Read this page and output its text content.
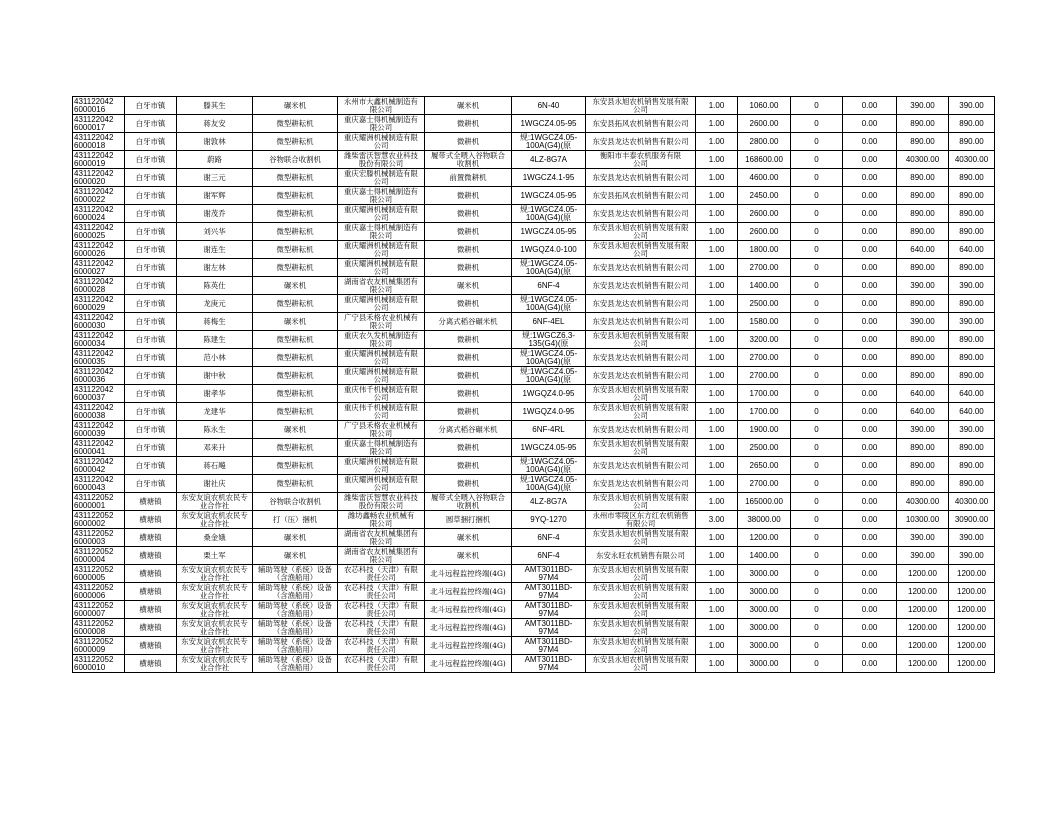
431122042
6000016	白牙市镇	滕其生	碾米机	永州市大鑫机械制造有
限公司	碾米机	6N-40	东安县永旭农机销售发展有限
公司	1.00	1060.00	0	0.00	390.00	390.00
431122042
6000017	白牙市镇	蒋友安	微型耕耘机	重庆嘉士得机械制造有
限公司	微耕机	1WGCZ4.05-95	东安县拓风农机销售有限公司	1.00	2600.00	0	0.00	890.00	890.00
431122042
6000018	白牙市镇	谢敦林	微型耕耘机	重庆耀洲机械制造有限
公司	微耕机	规:1WGCZ4.05-
100A(G4)(原	东安县龙达农机销售有限公司	1.00	2800.00	0	0.00	890.00	890.00
431122042
6000019	白牙市镇	蔚路	谷物联合收割机	潍柴雷沃智慧农业科技
股份有限公司	履带式全喂入谷物联合
收割机	4LZ-8G7A	衡阳市丰泰农机服务有限
公司	1.00	168600.00	0	0.00	40300.00	40300.00
431122042
6000020	白牙市镇	谢三元	微型耕耘机	重庆宏滕机械制造有限
公司	前置微耕机	1WGCZ4.1-95	东安县龙达农机销售有限公司	1.00	4600.00	0	0.00	890.00	890.00
431122042
6000022	白牙市镇	谢军辉	微型耕耘机	重庆嘉士得机械制造有
限公司	微耕机	1WGCZ4.05-95	东安县拓风农机销售有限公司	1.00	2450.00	0	0.00	890.00	890.00
431122042
6000024	白牙市镇	谢茂乔	微型耕耘机	重庆耀洲机械制造有限
公司	微耕机	规:1WGCZ4.05-
100A(G4)(原	东安县龙达农机销售有限公司	1.00	2600.00	0	0.00	890.00	890.00
431122042
6000025	白牙市镇	刘兴华	微型耕耘机	重庆嘉士得机械制造有
限公司	微耕机	1WGCZ4.05-95	东安县永旭农机销售发展有限
公司	1.00	2600.00	0	0.00	890.00	890.00
431122042
6000026	白牙市镇	谢连生	微型耕耘机	重庆耀洲机械制造有限
公司	微耕机	1WGQZ4.0-100	东安县永旭农机销售发展有限
公司	1.00	1800.00	0	0.00	640.00	640.00
431122042
6000027	白牙市镇	谢左林	微型耕耘机	重庆耀洲机械制造有限
公司	微耕机	规:1WGCZ4.05-
100A(G4)(原	东安县龙达农机销售有限公司	1.00	2700.00	0	0.00	890.00	890.00
431122042
6000028	白牙市镇	陈英仕	碾米机	湖南省农友机械集团有
限公司	碾米机	6NF-4	东安县龙达农机销售有限公司	1.00	1400.00	0	0.00	390.00	390.00
431122042
6000029	白牙市镇	龙庚元	微型耕耘机	重庆耀洲机械制造有限
公司	微耕机	规:1WGCZ4.05-
100A(G4)(原	东安县龙达农机销售有限公司	1.00	2500.00	0	0.00	890.00	890.00
431122042
6000030	白牙市镇	蒋梅生	碾米机	广宁县禾格农业机械有
限公司	分离式稻谷碾米机	6NF-4EL	东安县龙达农机销售有限公司	1.00	1580.00	0	0.00	390.00	390.00
431122042
6000034	白牙市镇	陈建生	微型耕耘机	重庆农久发机械制造有
限公司	微耕机	规:1WGCZ6.3-
135(G4)(原	东安县永旭农机销售发展有限
公司	1.00	3200.00	0	0.00	890.00	890.00
431122042
6000035	白牙市镇	范小林	微型耕耘机	重庆耀洲机械制造有限
公司	微耕机	规:1WGCZ4.05-
100A(G4)(原	东安县龙达农机销售有限公司	1.00	2700.00	0	0.00	890.00	890.00
431122042
6000036	白牙市镇	谢中秋	微型耕耘机	重庆耀洲机械制造有限
公司	微耕机	规:1WGCZ4.05-
100A(G4)(原	东安县龙达农机销售有限公司	1.00	2700.00	0	0.00	890.00	890.00
431122042
6000037	白牙市镇	谢孝华	微型耕耘机	重庆伟千机械制造有限
公司	微耕机	1WGQZ4.0-95	东安县永旭农机销售发展有限
公司	1.00	1700.00	0	0.00	640.00	640.00
431122042
6000038	白牙市镇	龙建华	微型耕耘机	重庆伟千机械制造有限
公司	微耕机	1WGQZ4.0-95	东安县永旭农机销售发展有限
公司	1.00	1700.00	0	0.00	640.00	640.00
431122042
6000039	白牙市镇	陈永生	碾米机	广宁县禾格农业机械有
限公司	分离式稻谷碾米机	6NF-4RL	东安县龙达农机销售有限公司	1.00	1900.00	0	0.00	390.00	390.00
431122042
6000041	白牙市镇	邓来升	微型耕耘机	重庆嘉士得机械制造有
限公司	微耕机	1WGCZ4.05-95	东安县永旭农机销售发展有限
公司	1.00	2500.00	0	0.00	890.00	890.00
431122042
6000042	白牙市镇	蒋石飚	微型耕耘机	重庆耀洲机械制造有限
公司	微耕机	规:1WGCZ4.05-
100A(G4)(原	东安县龙达农机销售有限公司	1.00	2650.00	0	0.00	890.00	890.00
431122042
6000043	白牙市镇	谢社庆	微型耕耘机	重庆耀洲机械制造有限
公司	微耕机	规:1WGCZ4.05-
100A(G4)(原	东安县龙达农机销售有限公司	1.00	2700.00	0	0.00	890.00	890.00
431122052
6000001	横塘镇	东安友谊农机农民专
业合作社	谷物联合收割机	潍柴雷沃智慧农业科技
股份有限公司	履带式全喂入谷物联合
收割机	4LZ-8G7A	东安县永旭农机销售发展有限
公司	1.00	165000.00	0	0.00	40300.00	40300.00
431122052
6000002	横塘镇	东安友谊农机农民专
业合作社	打（压）捆机	潍坊鑫畅农业机械有
限公司	圆草捆打捆机	9YQ-1270	永州市零陵区东方红农机销售
有限公司	3.00	38000.00	0	0.00	10300.00	30900.00
431122052
6000003	横塘镇	桑金娥	碾米机	湖南省农友机械集团有
限公司	碾米机	6NF-4	东安县永旭农机销售发展有限
公司	1.00	1200.00	0	0.00	390.00	390.00
431122052
6000004	横塘镇	栗土军	碾米机	湖南省农友机械集团有
限公司	碾米机	6NF-4	东安永旺农机销售有限公司	1.00	1400.00	0	0.00	390.00	390.00
431122052
6000005	横塘镇	东安友谊农机农民专
业合作社	辅助驾驶（系统）设备
（含渔船用）	农芯科技（天津）有限
责任公司	北斗远程监控终端(4G)	AMT3011BD-
97M4	东安县永旭农机销售发展有限
公司	1.00	3000.00	0	0.00	1200.00	1200.00
431122052
6000006	横塘镇	东安友谊农机农民专
业合作社	辅助驾驶（系统）设备
（含渔船用）	农芯科技（天津）有限
责任公司	北斗远程监控终端(4G)	AMT3011BD-
97M4	东安县永旭农机销售发展有限
公司	1.00	3000.00	0	0.00	1200.00	1200.00
431122052
6000007	横塘镇	东安友谊农机农民专
业合作社	辅助驾驶（系统）设备
（含渔船用）	农芯科技（天津）有限
责任公司	北斗远程监控终端(4G)	AMT3011BD-
97M4	东安县永旭农机销售发展有限
公司	1.00	3000.00	0	0.00	1200.00	1200.00
431122052
6000008	横塘镇	东安友谊农机农民专
业合作社	辅助驾驶（系统）设备
（含渔船用）	农芯科技（天津）有限
责任公司	北斗远程监控终端(4G)	AMT3011BD-
97M4	东安县永旭农机销售发展有限
公司	1.00	3000.00	0	0.00	1200.00	1200.00
431122052
6000009	横塘镇	东安友谊农机农民专
业合作社	辅助驾驶（系统）设备
（含渔船用）	农芯科技（天津）有限
责任公司	北斗远程监控终端(4G)	AMT3011BD-
97M4	东安县永旭农机销售发展有限
公司	1.00	3000.00	0	0.00	1200.00	1200.00
431122052
6000010	横塘镇	东安友谊农机农民专
业合作社	辅助驾驶（系统）设备
（含渔船用）	农芯科技（天津）有限
责任公司	北斗远程监控终端(4G)	AMT3011BD-
97M4	东安县永旭农机销售发展有限
公司	1.00	3000.00	0	0.00	1200.00	1200.00
